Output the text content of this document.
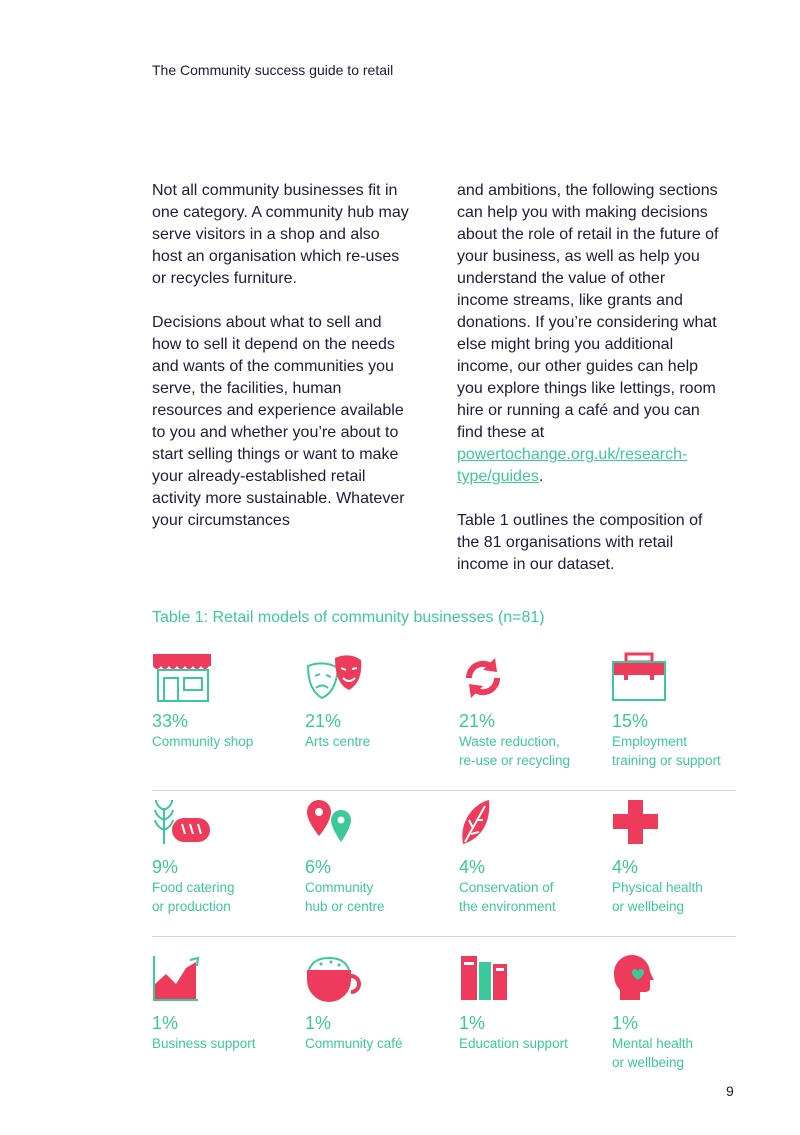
The Community success guide to retail

Not all community businesses fit in one category. A community hub may serve visitors in a shop and also host an organisation which re-uses or recycles furniture.

Decisions about what to sell and how to sell it depend on the needs and wants of the communities you serve, the facilities, human resources and experience available to you and whether you’re about to start selling things or want to make your already-established retail activity more sustainable. Whatever your circumstances

and ambitions, the following sections can help you with making decisions about the role of retail in the future of your business, as well as help you understand the value of other income streams, like grants and donations. If you’re considering what else might bring you additional income, our other guides can help you explore things like lettings, room hire or running a café and you can find these at powertochange.org.uk/research-type/guides.

Table 1 outlines the composition of the 81 organisations with retail income in our dataset.

Table 1: Retail models of community businesses (n=81)
33%
Community shop
21%
Arts centre
21%
Waste reduction,
re-use or recycling
15%
Employment
training or support
9%
Food catering
or production
6%
Community
hub or centre
4%
Conservation of
the environment
4%
Physical health
or wellbeing
1%
Business support
1%
Community café
1%
Education support
1%
Mental health
or wellbeing
9
